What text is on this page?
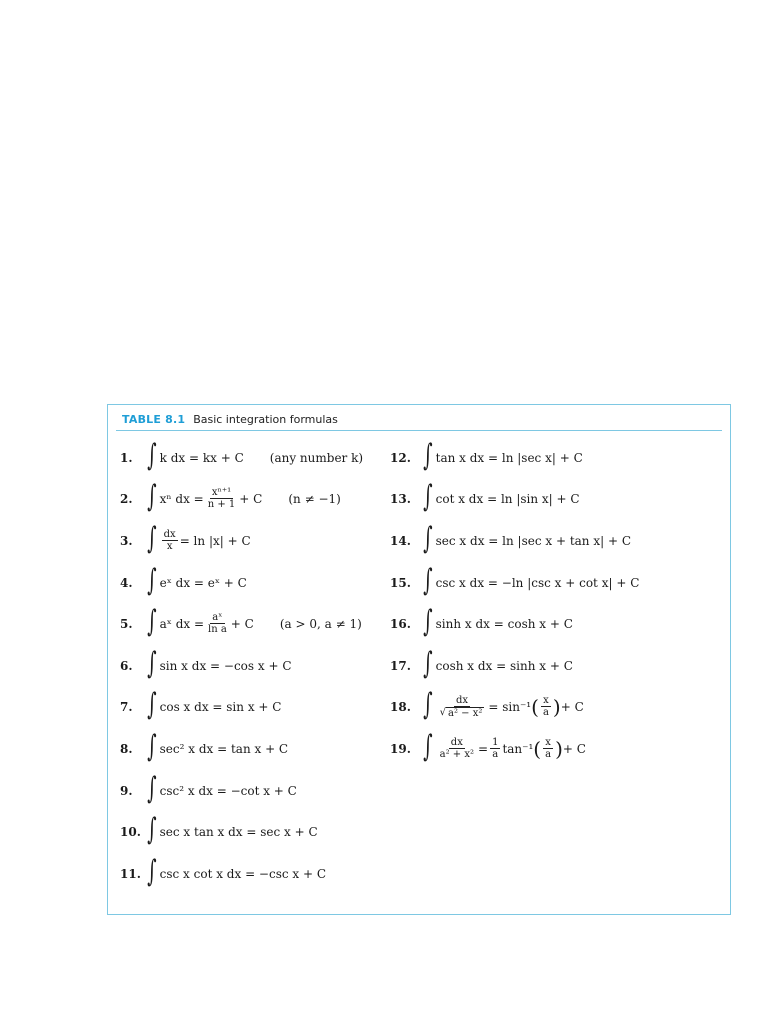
TABLE 8.1 Basic integration formulas
1. ∫ k dx = kx + C (any number k)
2. ∫ xⁿ dx = $\frac{\text{xⁿ⁺¹}}{n + 1} + C$ (n ≠ −1)
3. ∫ $\frac{dx}{x} = \ln |x| + C$
4. ∫ eˣ dx = eˣ + C
5. ∫ aˣ dx = $\frac{\text{aˣ}}{\text{ln a}} + C$ (a > 0, a ≠ 1)
6. ∫ sin x dx = −cos x + C
7. ∫ cos x dx = sin x + C
8. ∫ sec² x dx = tan x + C
9. ∫ csc² x dx = −cot x + C
10. ∫ sec x tan x dx = sec x + C
11. ∫ csc x cot x dx = −csc x + C
12. ∫ tan x dx = ln |sec x| + C
13. ∫ cot x dx = ln |sin x| + C
14. ∫ sec x dx = ln |sec x + tan x| + C
15. ∫ csc x dx = −ln |csc x + cot x| + C
16. ∫ sinh x dx = cosh x + C
17. ∫ cosh x dx = sinh x + C
18. ∫ $\frac{dx}{\text{√ a² − x²}} = \sin^{-1}$ ( $\frac{x}{a}$ ) + C
19. ∫ $\frac{dx}{\text{a² + x²}} = \frac{1}{a} \tan^{-1}$ ( $\frac{x}{a}$ ) + C
